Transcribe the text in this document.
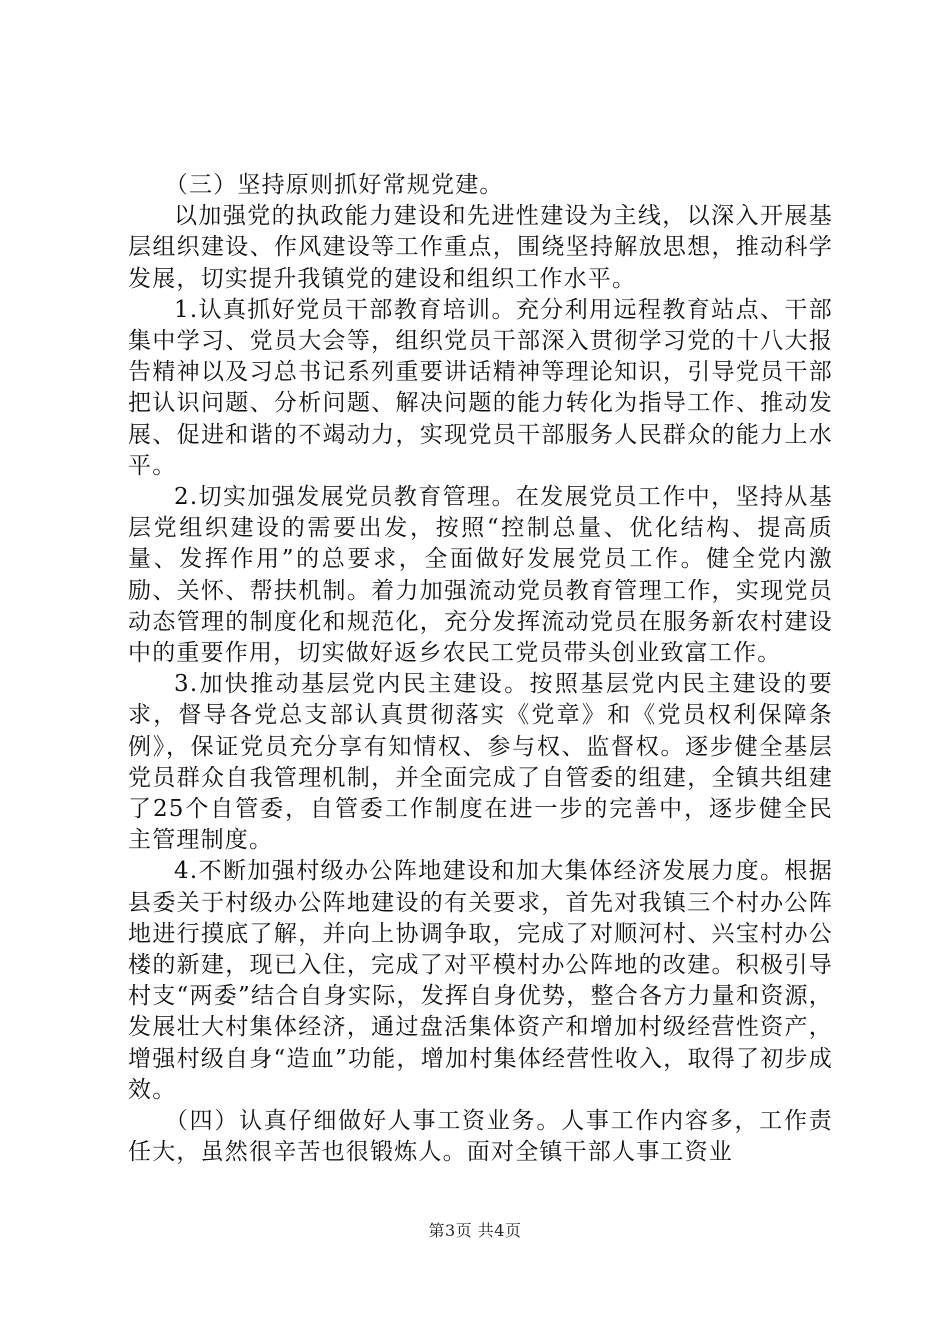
（三）坚持原则抓好常规党建。

以加强党的执政能力建设和先进性建设为主线，以深入开展基层组织建设、作风建设等工作重点，围绕坚持解放思想，推动科学发展，切实提升我镇党的建设和组织工作水平。

1.认真抓好党员干部教育培训。充分利用远程教育站点、干部集中学习、党员大会等，组织党员干部深入贯彻学习党的十八大报告精神以及习总书记系列重要讲话精神等理论知识，引导党员干部把认识问题、分析问题、解决问题的能力转化为指导工作、推动发展、促进和谐的不竭动力，实现党员干部服务人民群众的能力上水平。

2.切实加强发展党员教育管理。在发展党员工作中，坚持从基层党组织建设的需要出发，按照“控制总量、优化结构、提高质量、发挥作用”的总要求，全面做好发展党员工作。健全党内激励、关怀、帮扶机制。着力加强流动党员教育管理工作，实现党员动态管理的制度化和规范化，充分发挥流动党员在服务新农村建设中的重要作用，切实做好返乡农民工党员带头创业致富工作。

3.加快推动基层党内民主建设。按照基层党内民主建设的要求，督导各党总支部认真贯彻落实《党章》和《党员权利保障条例》，保证党员充分享有知情权、参与权、监督权。逐步健全基层党员群众自我管理机制，并全面完成了自管委的组建，全镇共组建了25个自管委，自管委工作制度在进一步的完善中，逐步健全民主管理制度。

4.不断加强村级办公阵地建设和加大集体经济发展力度。根据县委关于村级办公阵地建设的有关要求，首先对我镇三个村办公阵地进行摸底了解，并向上协调争取，完成了对顺河村、兴宝村办公楼的新建，现已入住，完成了对平模村办公阵地的改建。积极引导村支“两委”结合自身实际，发挥自身优势，整合各方力量和资源，发展壮大村集体经济，通过盘活集体资产和增加村级经营性资产，增强村级自身“造血”功能，增加村集体经营性收入，取得了初步成效。

（四）认真仔细做好人事工资业务。人事工作内容多，工作责任大，虽然很辛苦也很锻炼人。面对全镇干部人事工资业

第3页 共4页
